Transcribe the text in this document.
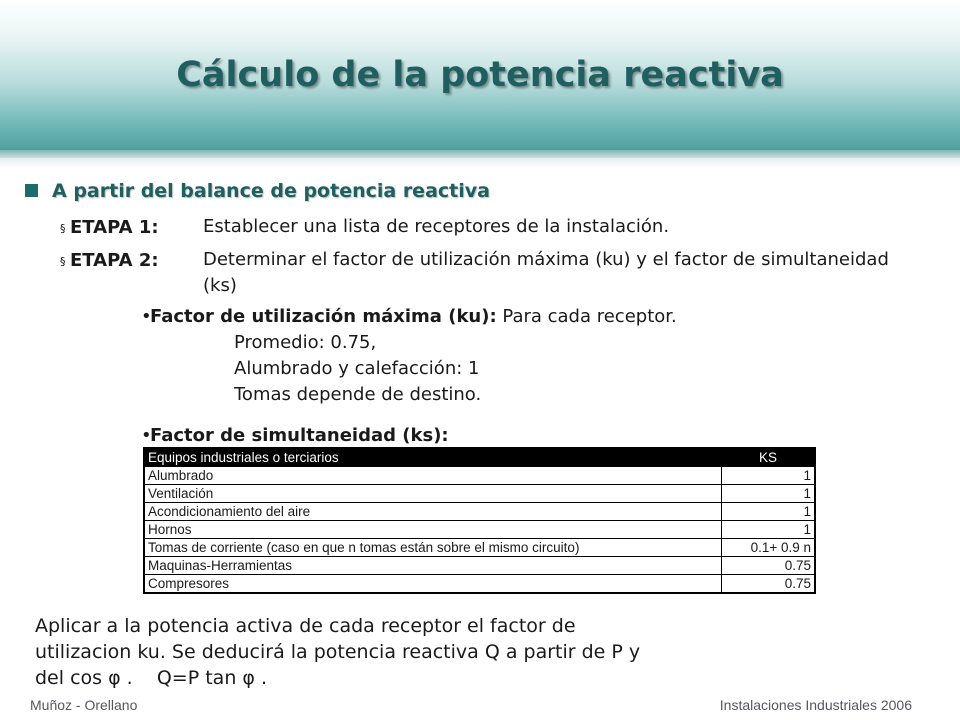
Cálculo de la potencia reactiva
A partir del balance de potencia reactiva
§ ETAPA 1: Establecer una lista de receptores de la instalación.
§ ETAPA 2: Determinar el factor de utilización máxima (ku) y el factor de simultaneidad (ks)
•
Factor de utilización máxima (ku): Para cada receptor.
Promedio: 0.75,
Alumbrado y calefacción: 1
Tomas depende de destino.
•
Factor de simultaneidad (ks):
Equipos industriales o terciarios	KS
Alumbrado	1
Ventilación	1
Acondicionamiento del aire	1
Hornos	1
Tomas de corriente (caso en que n tomas están sobre el mismo circuito)	0.1+ 0.9 n
Maquinas-Herramientas	0.75
Compresores	0.75
Aplicar a la potencia activa de cada receptor el factor de
utilizacion ku. Se deducirá la potencia reactiva Q a partir de P y
del cos φ .    Q=P tan φ .
Muñoz - Orellano	Instalaciones Industriales 2006
